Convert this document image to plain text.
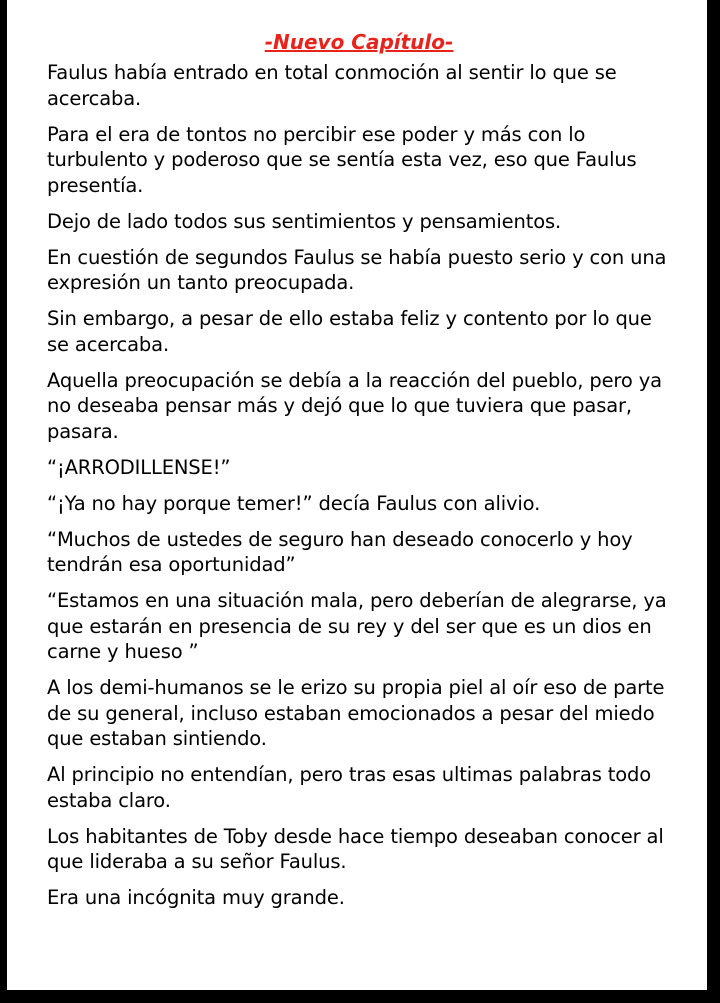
-Nuevo Capítulo-

Faulus había entrado en total conmoción al sentir lo que se acercaba.

Para el era de tontos no percibir ese poder y más con lo turbulento y poderoso que se sentía esta vez, eso que Faulus presentía.

Dejo de lado todos sus sentimientos y pensamientos.

En cuestión de segundos Faulus se había puesto serio y con una expresión un tanto preocupada.

Sin embargo, a pesar de ello estaba feliz y contento por lo que se acercaba.

Aquella preocupación se debía a la reacción del pueblo, pero ya no deseaba pensar más y dejó que lo que tuviera que pasar, pasara.

“¡ARRODILLENSE!”

“¡Ya no hay porque temer!” decía Faulus con alivio.

“Muchos de ustedes de seguro han deseado conocerlo y hoy tendrán esa oportunidad”

“Estamos en una situación mala, pero deberían de alegrarse, ya que estarán en presencia de su rey y del ser que es un dios en carne y hueso ”

A los demi-humanos se le erizo su propia piel al oír eso de parte de su general, incluso estaban emocionados a pesar del miedo que estaban sintiendo.

Al principio no entendían, pero tras esas ultimas palabras todo estaba claro.

Los habitantes de Toby desde hace tiempo deseaban conocer al que lideraba a su señor Faulus.

Era una incógnita muy grande.
